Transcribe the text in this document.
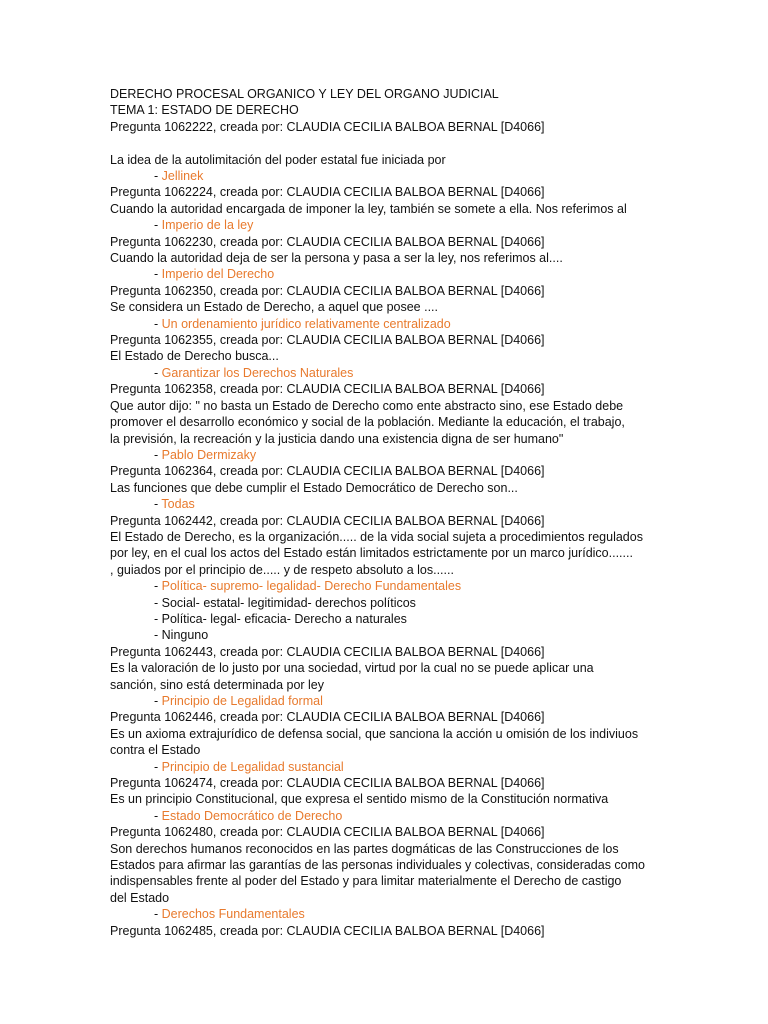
DERECHO PROCESAL ORGANICO Y LEY DEL ORGANO JUDICIAL
TEMA 1: ESTADO DE DERECHO
Pregunta 1062222, creada por: CLAUDIA CECILIA BALBOA BERNAL [D4066]
La idea de la autolimitación del poder estatal fue iniciada por
- Jellinek
Pregunta 1062224, creada por: CLAUDIA CECILIA BALBOA BERNAL [D4066]
Cuando la autoridad encargada de imponer la ley, también se somete a ella. Nos referimos al
- Imperio de la ley
Pregunta 1062230, creada por: CLAUDIA CECILIA BALBOA BERNAL [D4066]
Cuando la autoridad deja de ser la persona y pasa a ser la ley, nos referimos al....
- Imperio del Derecho
Pregunta 1062350, creada por: CLAUDIA CECILIA BALBOA BERNAL [D4066]
Se considera un Estado de Derecho, a aquel que posee ....
- Un ordenamiento jurídico relativamente centralizado
Pregunta 1062355, creada por: CLAUDIA CECILIA BALBOA BERNAL [D4066]
El Estado de Derecho busca...
- Garantizar los Derechos Naturales
Pregunta 1062358, creada por: CLAUDIA CECILIA BALBOA BERNAL [D4066]
Que autor dijo: " no basta un Estado de Derecho como ente abstracto sino, ese Estado debe
promover el desarrollo económico y social de la población. Mediante la educación, el trabajo,
la previsión, la recreación y la justicia dando una existencia digna de ser humano"
- Pablo Dermizaky
Pregunta 1062364, creada por: CLAUDIA CECILIA BALBOA BERNAL [D4066]
Las funciones que debe cumplir el Estado Democrático de Derecho son...
- Todas
Pregunta 1062442, creada por: CLAUDIA CECILIA BALBOA BERNAL [D4066]
El Estado de Derecho, es la organización..... de la vida social sujeta a procedimientos regulados
por ley, en el cual los actos del Estado están limitados estrictamente por un marco jurídico.......
, guiados por el principio de..... y de respeto absoluto a los......
- Política- supremo- legalidad- Derecho Fundamentales
- Social- estatal- legitimidad- derechos políticos
- Política- legal- eficacia- Derecho a naturales
- Ninguno
Pregunta 1062443, creada por: CLAUDIA CECILIA BALBOA BERNAL [D4066]
Es la valoración de lo justo por una sociedad, virtud por la cual no se puede aplicar una
sanción, sino está determinada por ley
- Principio de Legalidad formal
Pregunta 1062446, creada por: CLAUDIA CECILIA BALBOA BERNAL [D4066]
Es un axioma extrajurídico de defensa social, que sanciona la acción u omisión de los indiviuos
contra el Estado
- Principio de Legalidad sustancial
Pregunta 1062474, creada por: CLAUDIA CECILIA BALBOA BERNAL [D4066]
Es un principio Constitucional, que expresa el sentido mismo de la Constitución normativa
- Estado Democrático de Derecho
Pregunta 1062480, creada por: CLAUDIA CECILIA BALBOA BERNAL [D4066]
Son derechos humanos reconocidos en las partes dogmáticas de las Construcciones de los
Estados para afirmar las garantías de las personas individuales y colectivas, consideradas como
indispensables frente al poder del Estado y para limitar materialmente el Derecho de castigo
del Estado
- Derechos Fundamentales
Pregunta 1062485, creada por: CLAUDIA CECILIA BALBOA BERNAL [D4066]
